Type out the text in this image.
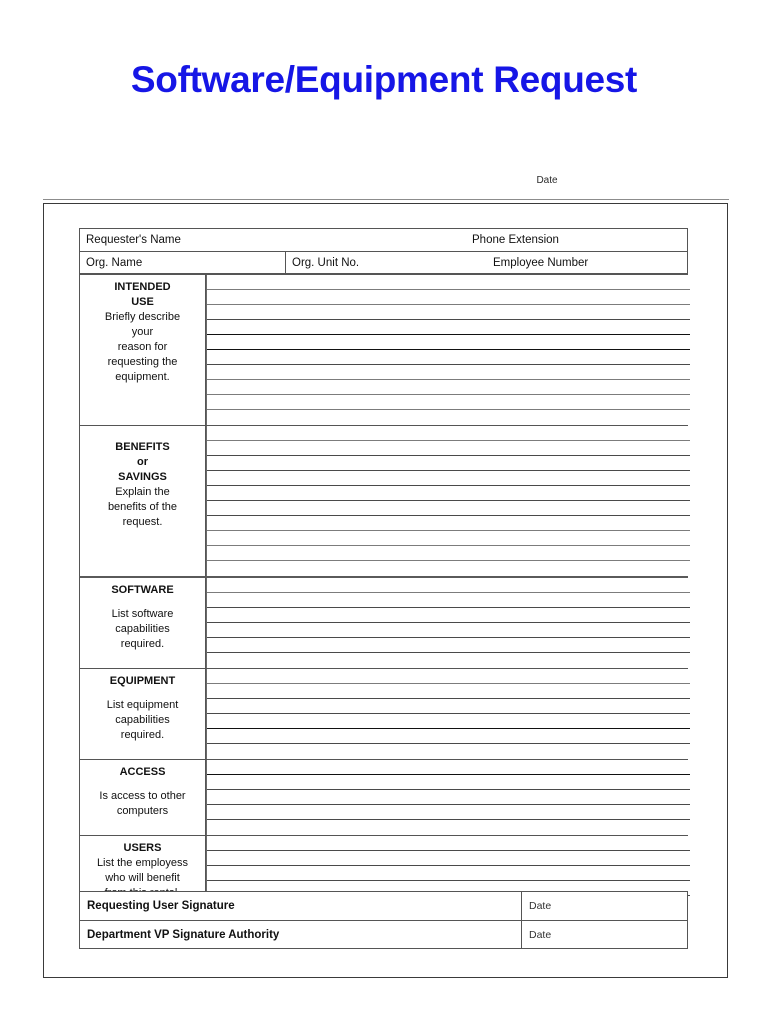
Software/Equipment Request
Date
Requester's Name	Phone Extension
Org. Name	Org. Unit No.	Employee Number
INTENDED
USE
Briefly describe
your
reason for
requesting the
equipment.
BENEFITS
or
SAVINGS
Explain the
benefits of the
request.
SOFTWARE
List software
capabilities
required.
EQUIPMENT
List equipment
capabilities
required.
ACCESS
Is access to other
computers
USERS
List the employess
who will benefit
Requesting User Signature	Date
Department VP Signature Authority	Date
